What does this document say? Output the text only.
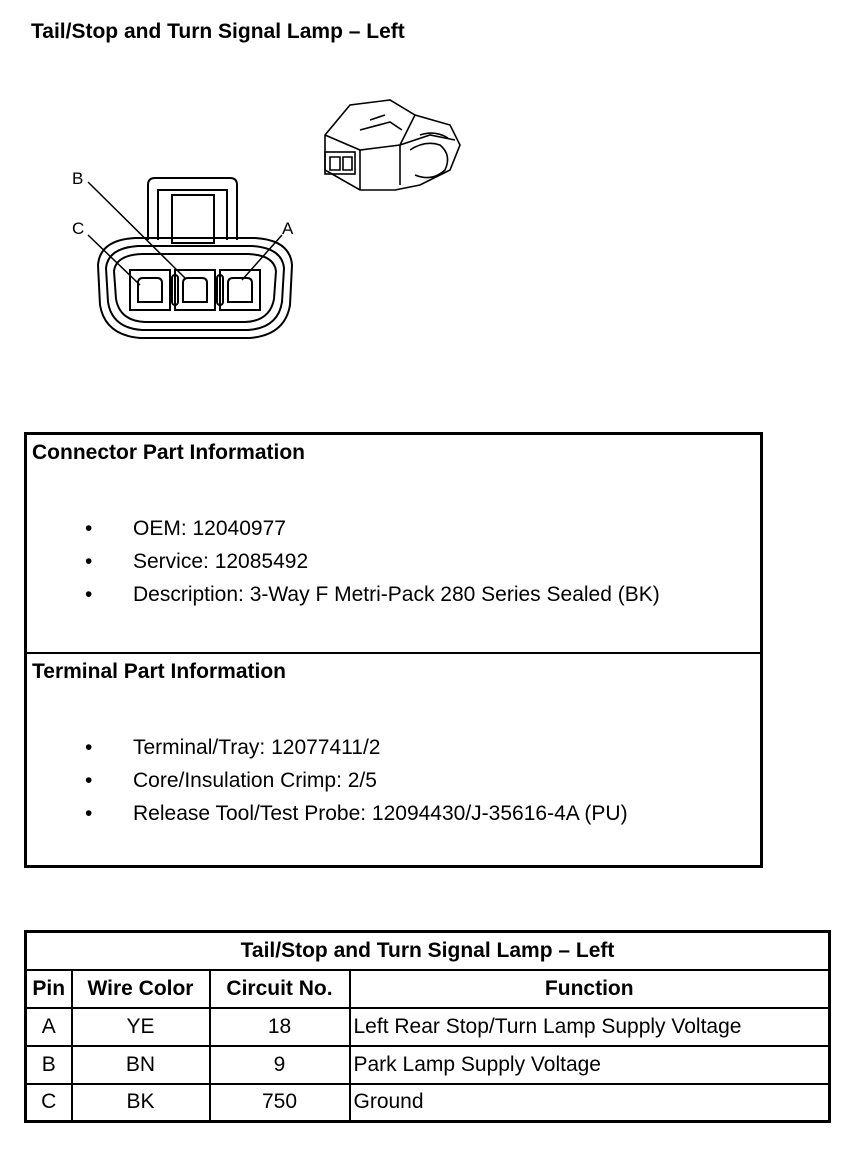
Tail/Stop and Turn Signal Lamp – Left
B
C	A
Connector Part Information
•	OEM: 12040977
•	Service: 12085492
•	Description: 3-Way F Metri-Pack 280 Series Sealed (BK)
Terminal Part Information
•	Terminal/Tray: 12077411/2
•	Core/Insulation Crimp: 2/5
•	Release Tool/Test Probe: 12094430/J-35616-4A (PU)
Tail/Stop and Turn Signal Lamp – Left			
Pin	Wire Color	Circuit No.	Function
A	YE	18	Left Rear Stop/Turn Lamp Supply Voltage
B	BN	9	Park Lamp Supply Voltage
C	BK	750	Ground
